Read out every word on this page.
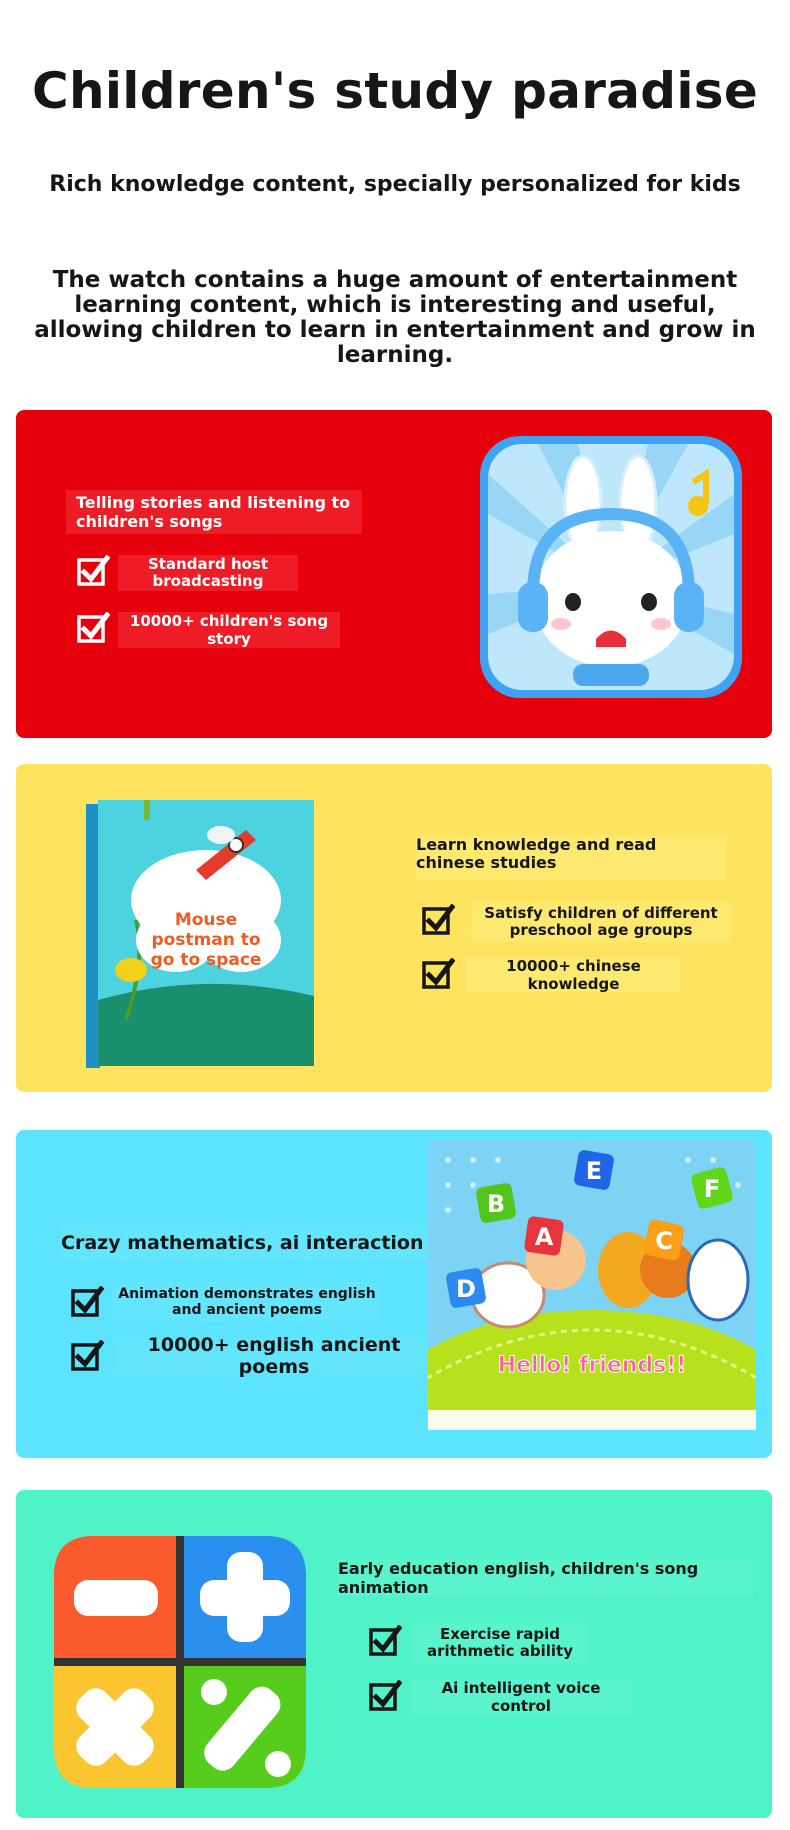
Children's study paradise
Rich knowledge content, specially personalized for kids
The watch contains a huge amount of entertainment learning content, which is interesting and useful, allowing children to learn in entertainment and grow in learning.
Telling stories and listening to children's songs
Standard host broadcasting
10000+ children's song story
Mouse postman to go to space
Learn knowledge and read chinese studies
Satisfy children of different preschool age groups
10000+ chinese knowledge
Crazy mathematics, ai interaction
Animation demonstrates english and ancient poems
10000+ english ancient poems
B
E
F
D
A	C
Hello! friends!!
Early education english, children's song animation
Exercise rapid arithmetic ability
Ai intelligent voice control
